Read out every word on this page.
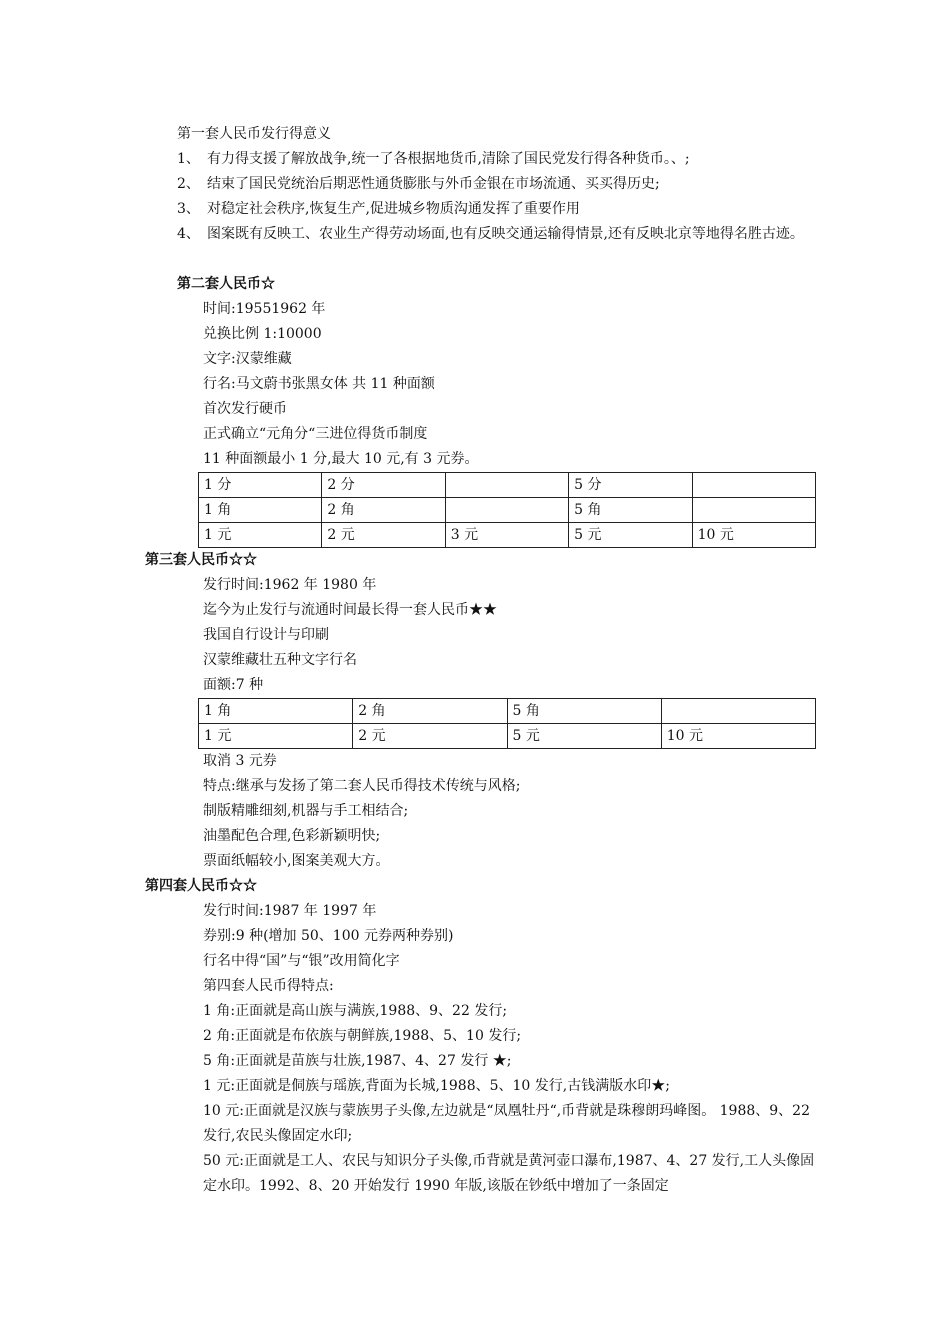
第一套人民币发行得意义
1、 有力得支援了解放战争,统一了各根据地货币,清除了国民党发行得各种货币。、;
2、 结束了国民党统治后期恶性通货膨胀与外币金银在市场流通、买买得历史;
3、 对稳定社会秩序,恢复生产,促进城乡物质沟通发挥了重要作用
4、 图案既有反映工、农业生产得劳动场面,也有反映交通运输得情景,还有反映北京等地得名胜古迹。
第二套人民币☆
时间:19551962 年
兑换比例 1:10000
文字:汉蒙维藏
行名:马文蔚书张黑女体 共 11 种面额
首次发行硬币
正式确立“元角分“三进位得货币制度
11 种面额最小 1 分,最大 10 元,有 3 元券。
1 分	2 分		5 分	
1 角	2 角		5 角	
1 元	2 元	3 元	5 元	10 元
第三套人民币☆☆
发行时间:1962 年 1980 年
迄今为止发行与流通时间最长得一套人民币★★
我国自行设计与印刷
汉蒙维藏壮五种文字行名
面额:7 种
1 角	2 角	5 角	
1 元	2 元	5 元	10 元
取消 3 元券
特点:继承与发扬了第二套人民币得技术传统与风格;
制版精雕细刻,机器与手工相结合;
油墨配色合理,色彩新颖明快;
票面纸幅较小,图案美观大方。
第四套人民币☆☆
发行时间:1987 年 1997 年
券别:9 种(增加 50、100 元券两种券别)
行名中得“国”与“银”改用简化字
第四套人民币得特点:
1 角:正面就是高山族与满族,1988、9、22 发行;
2 角:正面就是布依族与朝鲜族,1988、5、10 发行;
5 角:正面就是苗族与壮族,1987、4、27 发行 ★;
1 元:正面就是侗族与瑶族,背面为长城,1988、5、10 发行,古钱满版水印★;
10 元:正面就是汉族与蒙族男子头像,左边就是“凤凰牡丹“,币背就是珠穆朗玛峰图。 1988、9、22 发行,农民头像固定水印;
50 元:正面就是工人、农民与知识分子头像,币背就是黄河壶口瀑布,1987、4、27 发行,工人头像固定水印。1992、8、20 开始发行 1990 年版,该版在钞纸中增加了一条固定
